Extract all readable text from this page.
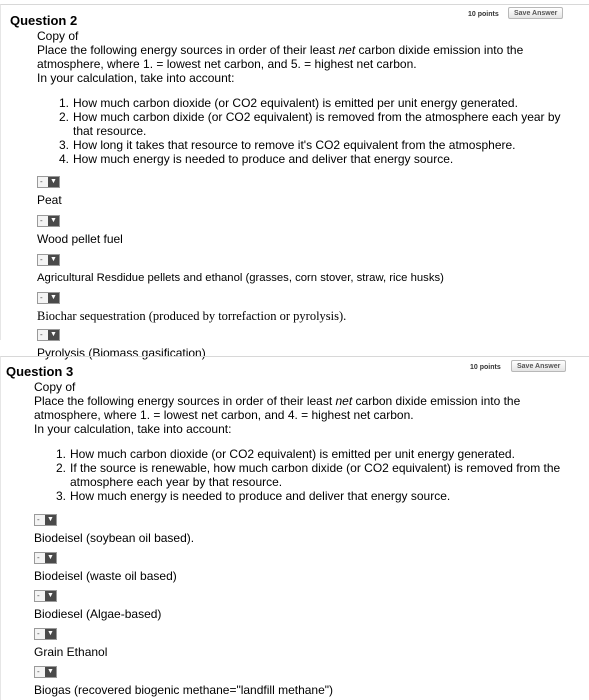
Question 2	10 points	Save Answer

Copy of

Place the following energy sources in order of their least net carbon dixide emission into the atmosphere, where 1. = lowest net carbon, and 5. = highest net carbon.

In your calculation, take into account:

1. How much carbon dioxide (or CO2 equivalent) is emitted per unit energy generated.
2. How much carbon dixide (or CO2 equivalent) is removed from the atmosphere each year by that resource.
3. How long it takes that resource to remove it's CO2 equivalent from the atmosphere.
4. How much energy is needed to produce and deliver that energy source.
- ▼
Peat
- ▼
Wood pellet fuel
- ▼
Agricultural Resdidue pellets and ethanol (grasses, corn stover, straw, rice husks)
- ▼
Biochar sequestration (produced by torrefaction or pyrolysis).
- ▼
Pyrolysis (Biomass gasification)
Question 3	10 points	Save Answer

Copy of

Place the following energy sources in order of their least net carbon dixide emission into the atmosphere, where 1. = lowest net carbon, and 4. = highest net carbon.

In your calculation, take into account:

1. How much carbon dioxide (or CO2 equivalent) is emitted per unit energy generated.
2. If the source is renewable, how much carbon dixide (or CO2 equivalent) is removed from the atmosphere each year by that resource.
3. How much energy is needed to produce and deliver that energy source.
- ▼
Biodeisel (soybean oil based).
- ▼
Biodeisel (waste oil based)
- ▼
Biodiesel (Algae-based)
- ▼
Grain Ethanol
- ▼
Biogas (recovered biogenic methane="landfill methane")
